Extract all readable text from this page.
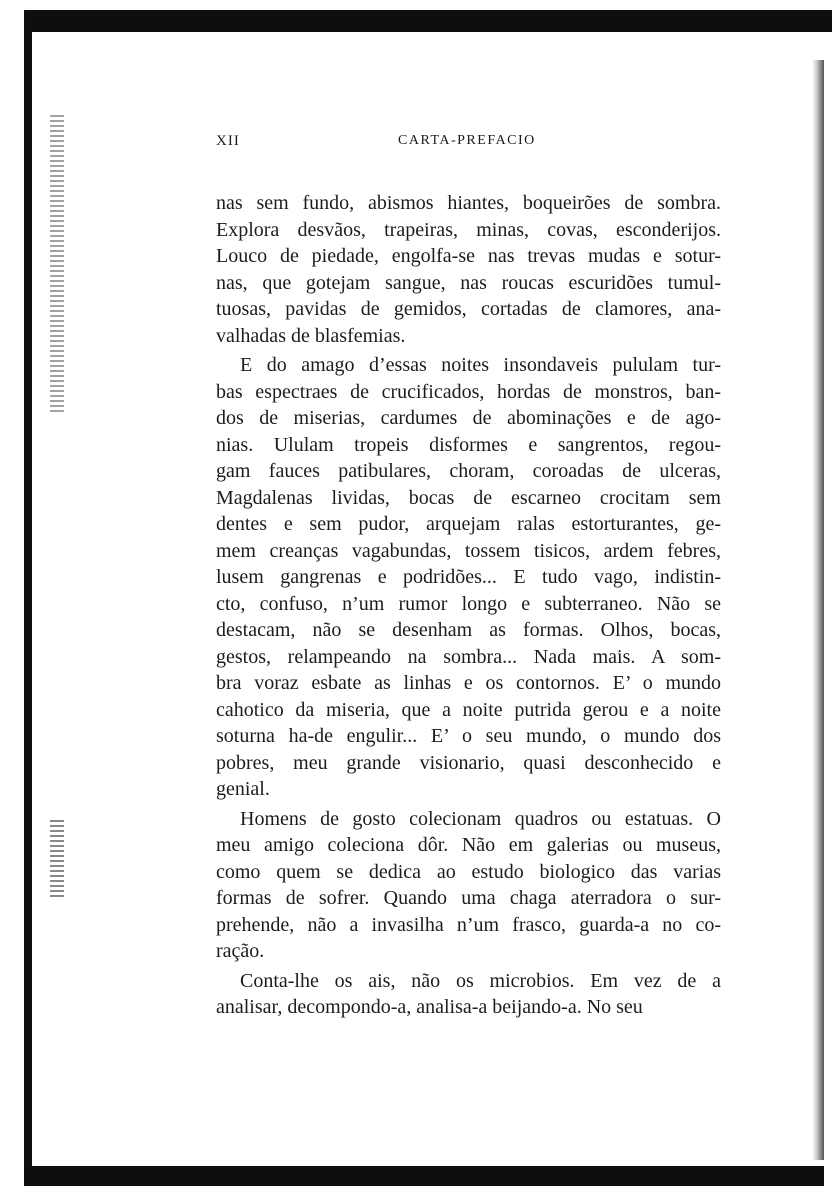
XII	CARTA-PREFACIO
nas sem fundo, abismos hiantes, boqueirões de sombra.
Explora desvãos, trapeiras, minas, covas, esconderijos.
Louco de piedade, engolfa-se nas trevas mudas e sotur-
nas, que gotejam sangue, nas roucas escuridões tumul-
tuosas, pavidas de gemidos, cortadas de clamores, ana-
valhadas de blasfemias.
E do amago d’essas noites insondaveis pululam tur-
bas espectraes de crucificados, hordas de monstros, ban-
dos de miserias, cardumes de abominações e de ago-
nias. Ululam tropeis disformes e sangrentos, regou-
gam fauces patibulares, choram, coroadas de ulceras,
Magdalenas lividas, bocas de escarneo crocitam sem
dentes e sem pudor, arquejam ralas estorturantes, ge-
mem creanças vagabundas, tossem tisicos, ardem febres,
lusem gangrenas e podridões... E tudo vago, indistin-
cto, confuso, n’um rumor longo e subterraneo. Não se
destacam, não se desenham as formas. Olhos, bocas,
gestos, relampeando na sombra... Nada mais. A som-
bra voraz esbate as linhas e os contornos. E’ o mundo
cahotico da miseria, que a noite putrida gerou e a noite
soturna ha-de engulir... E’ o seu mundo, o mundo dos
pobres, meu grande visionario, quasi desconhecido e
genial.
Homens de gosto colecionam quadros ou estatuas. O
meu amigo coleciona dôr. Não em galerias ou museus,
como quem se dedica ao estudo biologico das varias
formas de sofrer. Quando uma chaga aterradora o sur-
prehende, não a invasilha n’um frasco, guarda-a no co-
ração.
Conta-lhe os ais, não os microbios. Em vez de a
analisar, decompondo-a, analisa-a beijando-a. No seu
